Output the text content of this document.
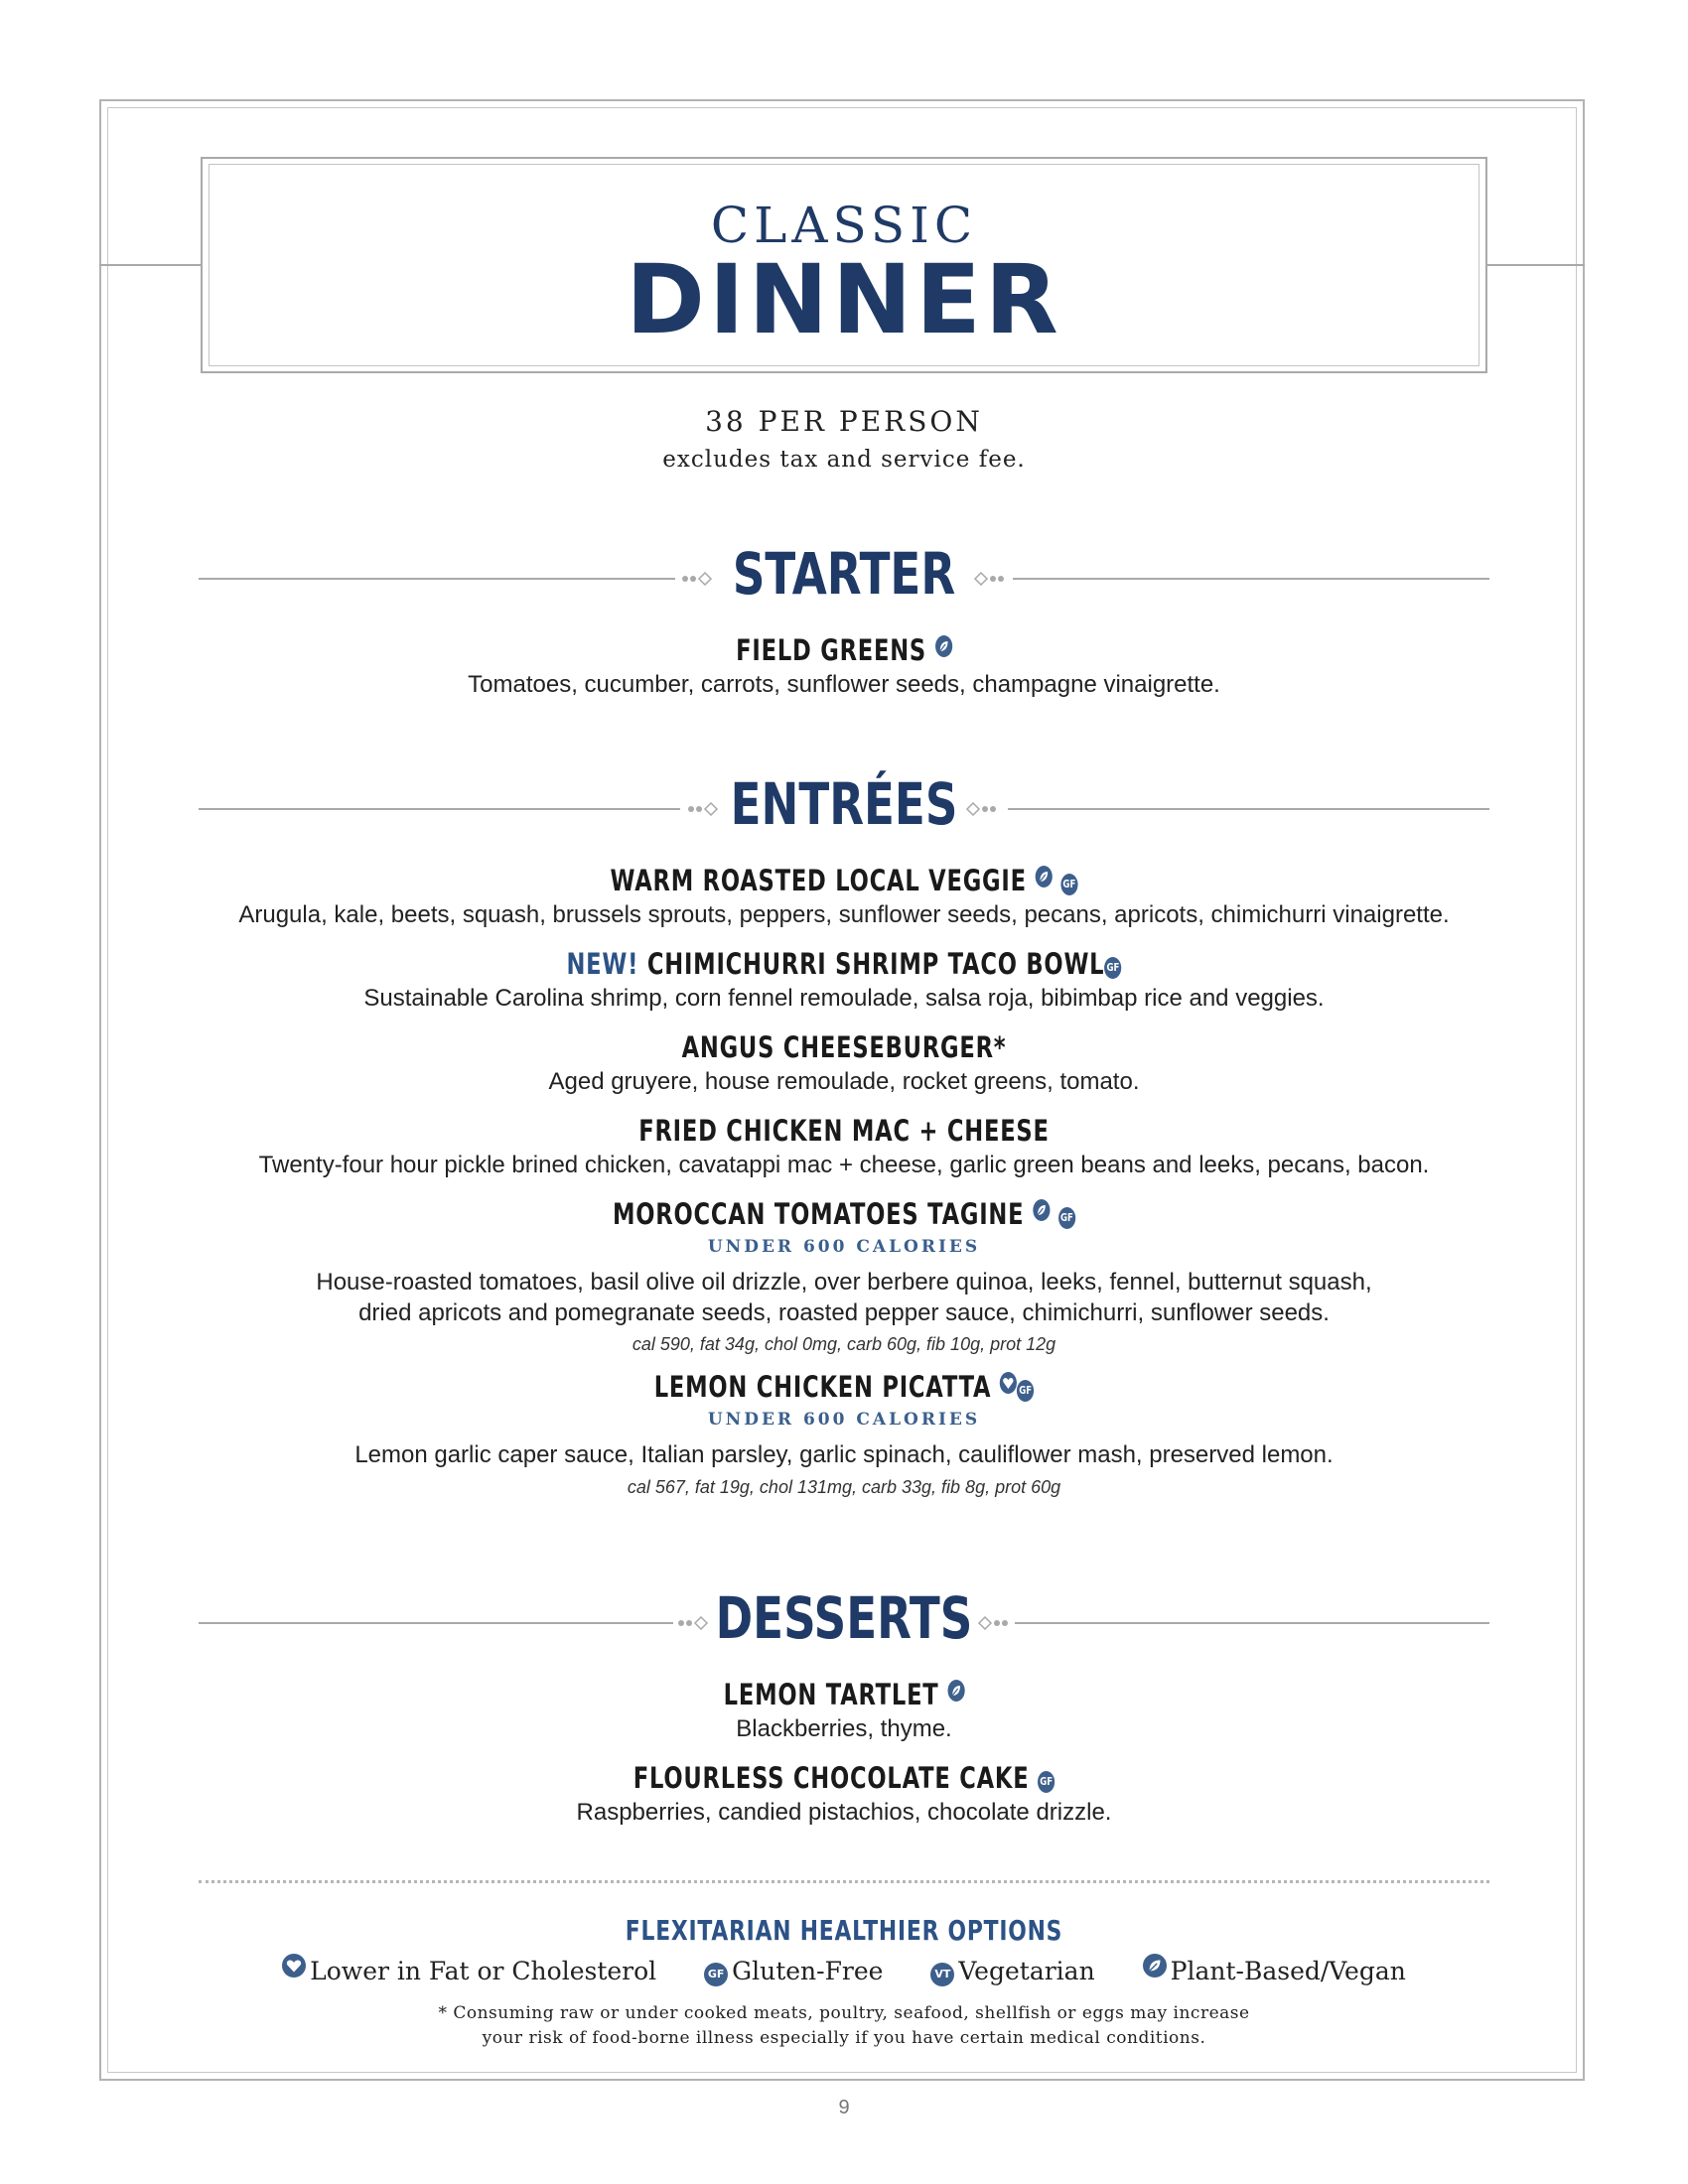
CLASSIC
DINNER
38 PER PERSON
excludes tax and service fee.
STARTER
FIELD GREENS
Tomatoes, cucumber, carrots, sunflower seeds, champagne vinaigrette.
ENTRÉES
WARM ROASTED LOCAL VEGGIE	GF
Arugula, kale, beets, squash, brussels sprouts, peppers, sunflower seeds, pecans, apricots, chimichurri vinaigrette.
NEW! CHIMICHURRI SHRIMP TACO BOWL GF
Sustainable Carolina shrimp, corn fennel remoulade, salsa roja, bibimbap rice and veggies.
ANGUS CHEESEBURGER*
Aged gruyere, house remoulade, rocket greens, tomato.
FRIED CHICKEN MAC + CHEESE
Twenty-four hour pickle brined chicken, cavatappi mac + cheese, garlic green beans and leeks, pecans, bacon.
MOROCCAN TOMATOES TAGINE	GF
UNDER 600 CALORIES
House-roasted tomatoes, basil olive oil drizzle, over berbere quinoa, leeks, fennel, butternut squash,
dried apricots and pomegranate seeds, roasted pepper sauce, chimichurri, sunflower seeds.
cal 590, fat 34g, chol 0mg, carb 60g, fib 10g, prot 12g
LEMON CHICKEN PICATTA	GF
UNDER 600 CALORIES
Lemon garlic caper sauce, Italian parsley, garlic spinach, cauliflower mash, preserved lemon.
cal 567, fat 19g, chol 131mg, carb 33g, fib 8g, prot 60g
DESSERTS
LEMON TARTLET
Blackberries, thyme.
FLOURLESS CHOCOLATE CAKE GF
Raspberries, candied pistachios, chocolate drizzle.
FLEXITARIAN HEALTHIER OPTIONS
Lower in Fat or Cholesterol	GF Gluten-Free	VT Vegetarian	Plant-Based/Vegan
* Consuming raw or under cooked meats, poultry, seafood, shellfish or eggs may increase
your risk of food-borne illness especially if you have certain medical conditions.
9
